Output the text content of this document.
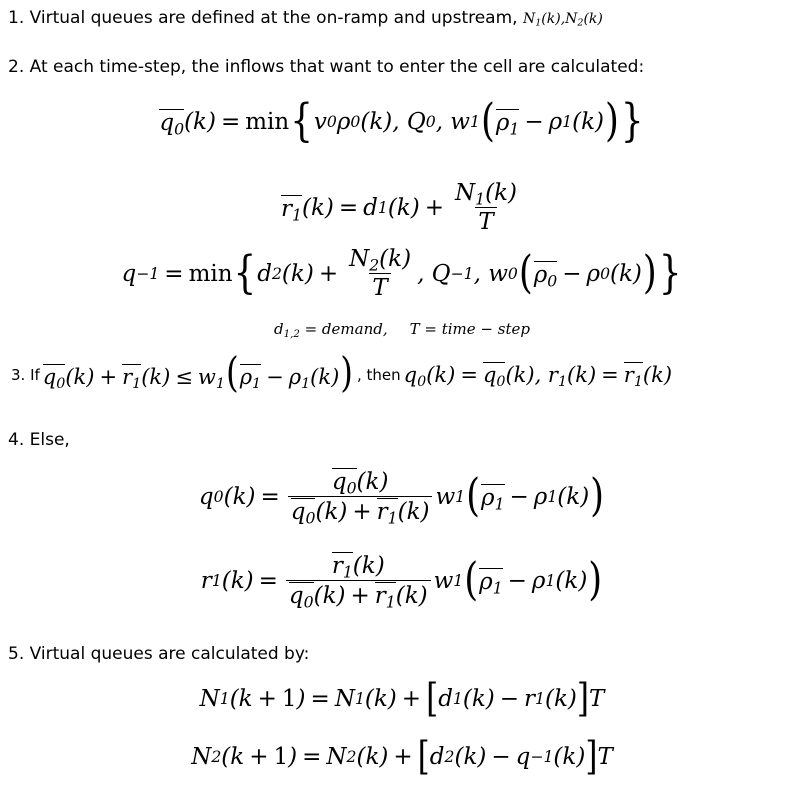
1. Virtual queues are defined at the on-ramp and upstream, $N_1(k),N_2(k)$
2. At each time-step, the inflows that want to enter the cell are calculated:
$q_0$ (k) = min { v 0 ρ 0 (k), Q 0 , w 1 ( $\rho_1 - \rho$ 1 (k) ) }
$r_1$ (k) = d 1 $(k) + \frac{N_1(k)}{T}$
q −1 = min { d 2 $(k) + \frac{N_2(k)}{T}$ , Q −1 , w 0 ( $\rho_0 - \rho$ 0 (k) ) }
$d_{1,2}$ = demand, T = time − step
3. If $q_0(k) + r_1(k) \le w_1(\rho_1 - \rho_1(k))$ , then $q_0(k) = q_0(k)$, $r_1(k) = r_1(k)$
4. Else,
q 0 $(k) = \frac{q_0(k)}{q_0(k) + r_1(k)}$ w 1 ( $\rho_1 - \rho$ 1 (k) )
r 1 $(k) = \frac{r_1(k)}{q_0(k) + r_1(k)}$ w 1 ( $\rho_1 - \rho$ 1 (k) )
5. Virtual queues are calculated by:
N 1 (k + 1 ) = N 1 (k) + [ d 1 (k) − r 1 (k) ] T
N 2 (k + 1 ) = N 2 (k) + [ d 2 (k) − q −1 (k) ] T
